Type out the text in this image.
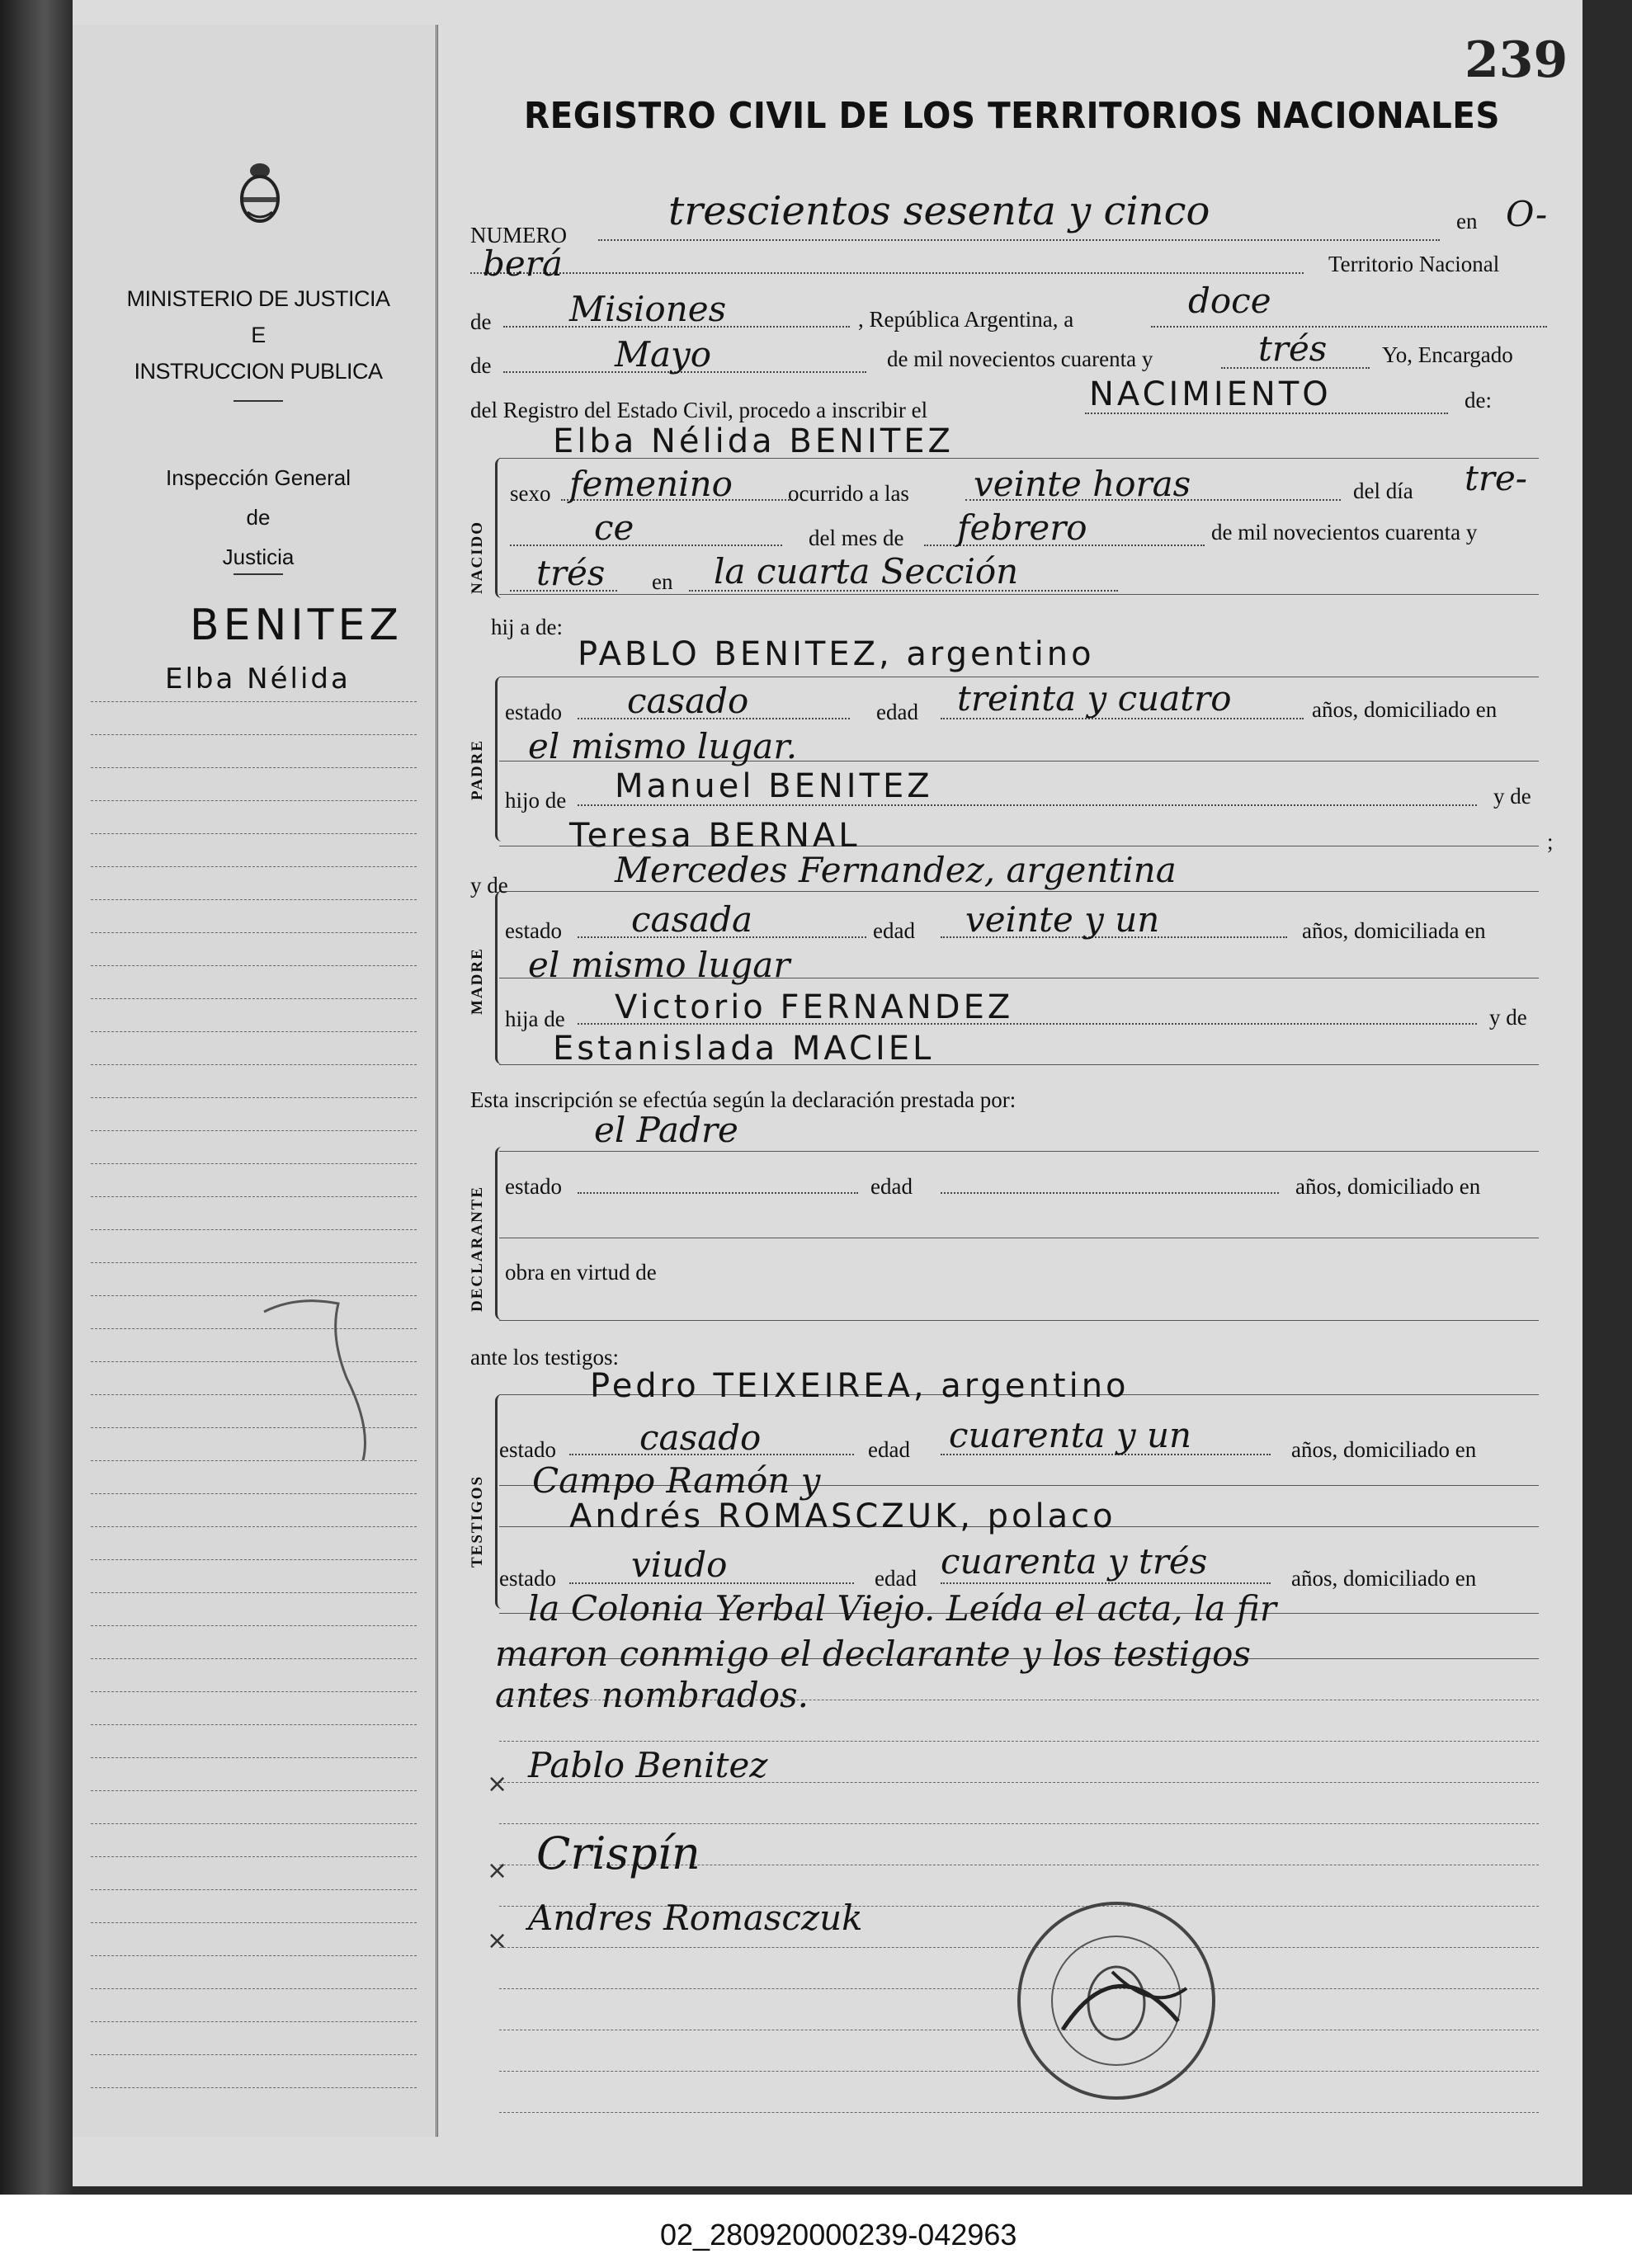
MINISTERIO DE JUSTICIA
E
INSTRUCCION PUBLICA
Inspección General
de
Justicia
BENITEZ
Elba Nélida
239
REGISTRO CIVIL DE LOS TERRITORIOS NACIONALES
NUMERO
trescientos sesenta y cinco	en O-
berá	Territorio Nacional
de Misiones	, República Argentina, a	doce
de	Mayo	de mil novecientos cuarenta y	trés Yo, Encargado
del Registro del Estado Civil, procedo a inscribir el	NACIMIENTO	de:
Elba Nélida BENITEZ
NACIDO
sexo femenino ocurrido a las veinte horas	del día tre-
ce	del mes de febrero	de mil novecientos cuarenta y
trés en la cuarta Sección
hij a de:
PABLO BENITEZ, argentino
PADRE
estado casado	edad treinta y cuatro	años, domiciliado en
el mismo lugar.
hijo de Manuel BENITEZ	y de
Teresa BERNAL	;
y de	Mercedes Fernandez, argentina
MADRE
estado casada	edad veinte y un	años, domiciliada en
el mismo lugar
hija de Victorio FERNANDEZ	y de
Estanislada MACIEL
Esta inscripción se efectúa según la declaración prestada por:
el Padre
DECLARANTE estado	edad	años, domiciliado en
obra en virtud de
ante los testigos:
Pedro TEIXEIREA, argentino
TESTIGOS
estado casado	edad cuarenta y un	años, domiciliado en
Campo Ramón y
Andrés ROMASCZUK, polaco
estado viudo	edad cuarenta y trés	años, domiciliado en
la Colonia Yerbal Viejo. Leída el acta, la fir
maron conmigo el declarante y los testigos
antes nombrados.
× Pablo Benitez
× Crispín
×
Andres Romasczuk
02_280920000239-042963
